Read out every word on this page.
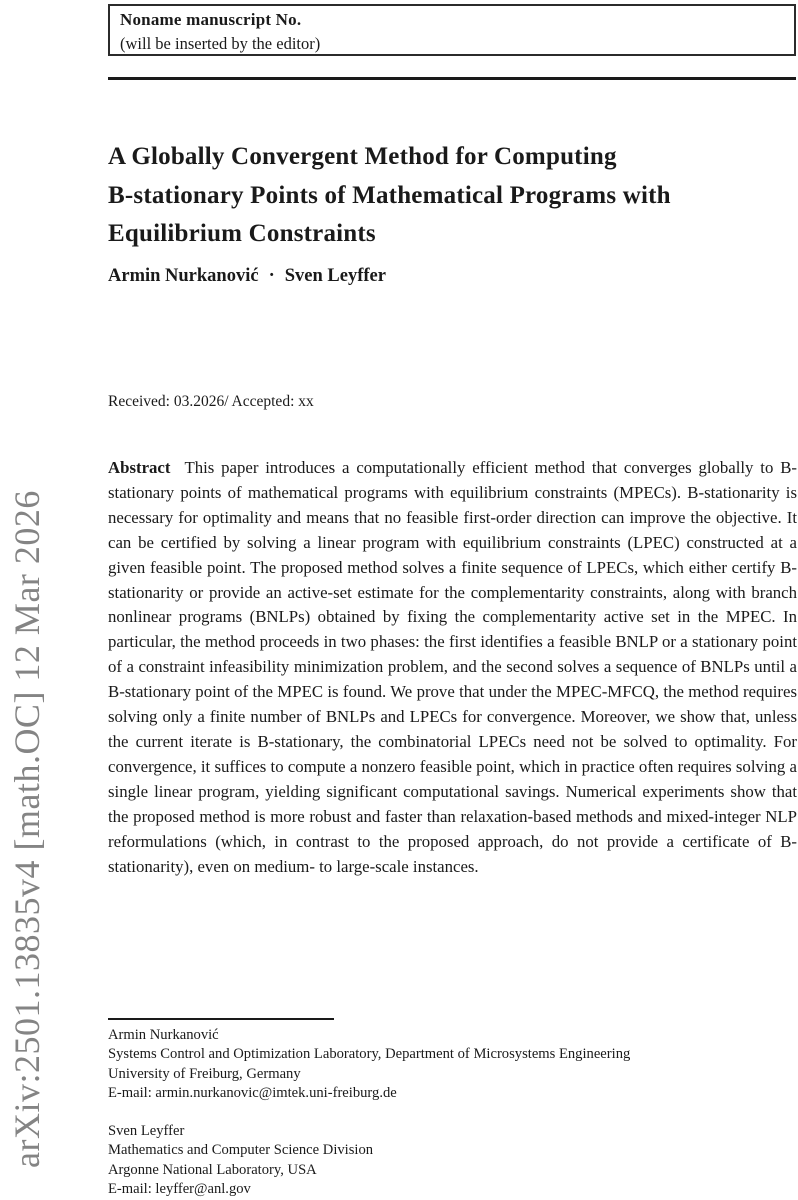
arXiv:2501.13835v4 [math.OC] 12 Mar 2026
Noname manuscript No.
(will be inserted by the editor)
A Globally Convergent Method for Computing
B-stationary Points of Mathematical Programs with
Equilibrium Constraints
Armin Nurkanović · Sven Leyffer
Received: 03.2026/ Accepted: xx
Abstract This paper introduces a computationally efficient method that converges globally to B-stationary points of mathematical programs with equilibrium constraints (MPECs). B-stationarity is necessary for optimality and means that no feasible first-order direction can improve the objective. It can be certified by solving a linear program with equilibrium constraints (LPEC) constructed at a given feasible point. The proposed method solves a finite sequence of LPECs, which either certify B-stationarity or provide an active-set estimate for the complementarity constraints, along with branch nonlinear programs (BNLPs) obtained by fixing the complementarity active set in the MPEC. In particular, the method proceeds in two phases: the first identifies a feasible BNLP or a stationary point of a constraint infeasibility minimization problem, and the second solves a sequence of BNLPs until a B-stationary point of the MPEC is found. We prove that under the MPEC-MFCQ, the method requires solving only a finite number of BNLPs and LPECs for convergence. Moreover, we show that, unless the current iterate is B-stationary, the combinatorial LPECs need not be solved to optimality. For convergence, it suffices to compute a nonzero feasible point, which in practice often requires solving a single linear program, yielding significant computational savings. Numerical experiments show that the proposed method is more robust and faster than relaxation-based methods and mixed-integer NLP reformulations (which, in contrast to the proposed approach, do not provide a certificate of B-stationarity), even on medium- to large-scale instances.
Armin Nurkanović
Systems Control and Optimization Laboratory, Department of Microsystems Engineering
University of Freiburg, Germany
E-mail: armin.nurkanovic@imtek.uni-freiburg.de
Sven Leyffer
Mathematics and Computer Science Division
Argonne National Laboratory, USA
E-mail: leyffer@anl.gov
